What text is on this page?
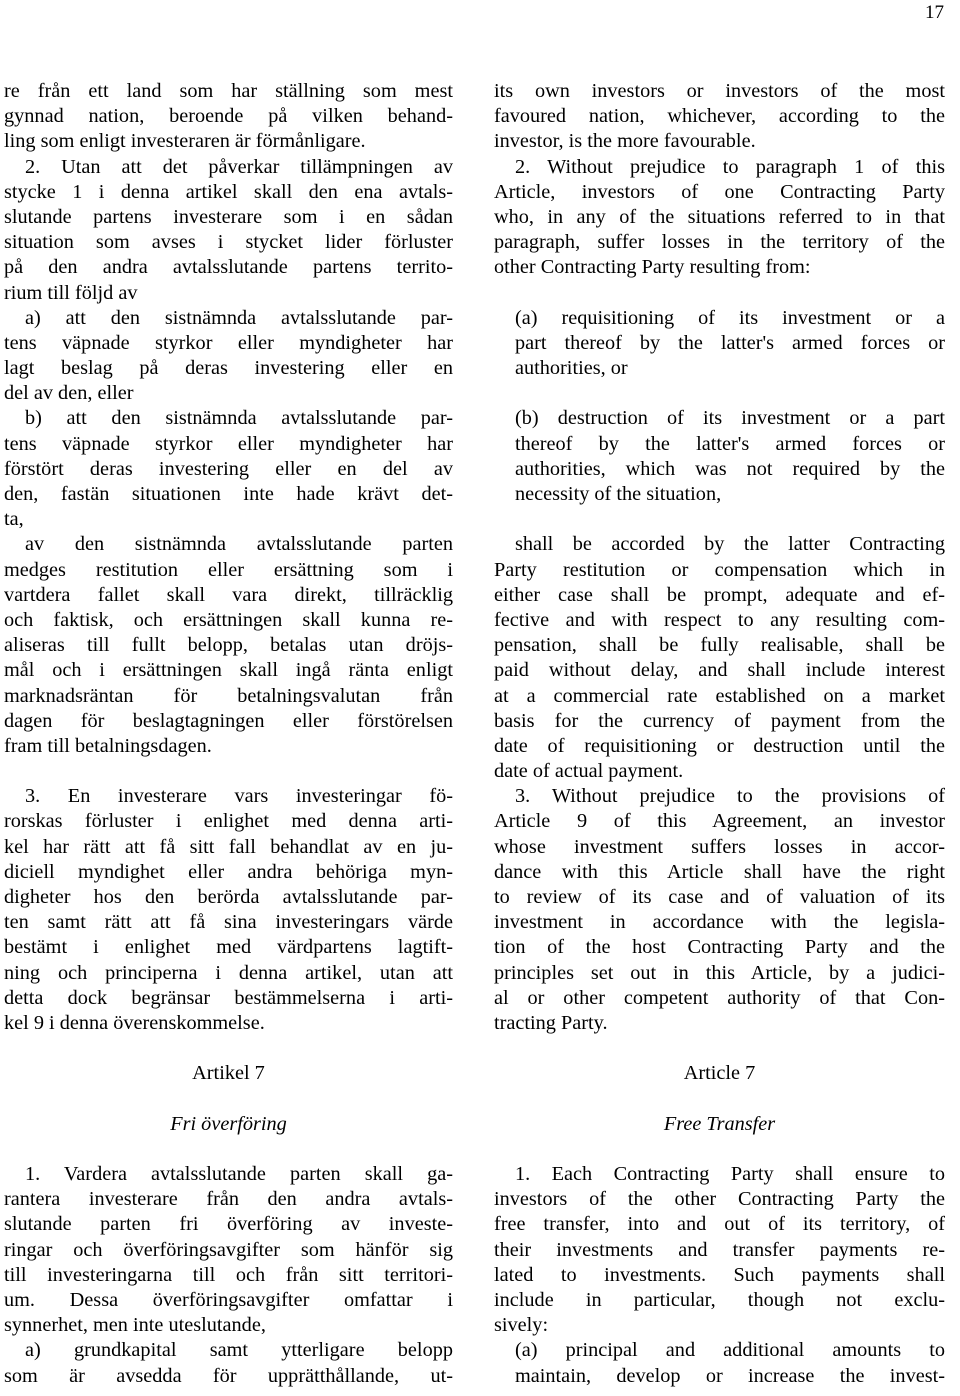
17
re från ett land som har ställning som mest
gynnad nation, beroende på vilken behand-
ling som enligt investeraren är förmånligare.
2. Utan att det påverkar tillämpningen av
stycke 1 i denna artikel skall den ena avtals-
slutande partens investerare som i en sådan
situation som avses i stycket lider förluster
på den andra avtalsslutande partens territo-
rium till följd av
a) att den sistnämnda avtalsslutande par-
tens väpnade styrkor eller myndigheter har
lagt beslag på deras investering eller en
del av den, eller
b) att den sistnämnda avtalsslutande par-
tens väpnade styrkor eller myndigheter har
förstört deras investering eller en del av
den, fastän situationen inte hade krävt det-
ta,
av den sistnämnda avtalsslutande parten
medges restitution eller ersättning som i
vartdera fallet skall vara direkt, tillräcklig
och faktisk, och ersättningen skall kunna re-
aliseras till fullt belopp, betalas utan dröjs-
mål och i ersättningen skall ingå ränta enligt
marknadsräntan för betalningsvalutan från
dagen för beslagtagningen eller förstörelsen
fram till betalningsdagen.
3. En investerare vars investeringar fö-
rorskas förluster i enlighet med denna arti-
kel har rätt att få sitt fall behandlat av en ju-
diciell myndighet eller andra behöriga myn-
digheter hos den berörda avtalsslutande par-
ten samt rätt att få sina investeringars värde
bestämt i enlighet med värdpartens lagtift-
ning och principerna i denna artikel, utan att
detta dock begränsar bestämmelserna i arti-
kel 9 i denna överenskommelse.
Artikel 7
Fri överföring
1. Vardera avtalsslutande parten skall ga-
rantera investerare från den andra avtals-
slutande parten fri överföring av investe-
ringar och överföringsavgifter som hänför sig
till investeringarna till och från sitt territori-
um. Dessa överföringsavgifter omfattar i
synnerhet, men inte uteslutande,
a) grundkapital samt ytterligare belopp
som är avsedda för upprätthållande, ut-
its own investors or investors of the most
favoured nation, whichever, according to the
investor, is the more favourable.
2. Without prejudice to paragraph 1 of this
Article, investors of one Contracting Party
who, in any of the situations referred to in that
paragraph, suffer losses in the territory of the
other Contracting Party resulting from:
(a) requisitioning of its investment or a
part thereof by the latter's armed forces or
authorities, or
(b) destruction of its investment or a part
thereof by the latter's armed forces or
authorities, which was not required by the
necessity of the situation,
shall be accorded by the latter Contracting
Party restitution or compensation which in
either case shall be prompt, adequate and ef-
fective and with respect to any resulting com-
pensation, shall be fully realisable, shall be
paid without delay, and shall include interest
at a commercial rate established on a market
basis for the currency of payment from the
date of requisitioning or destruction until the
date of actual payment.
3. Without prejudice to the provisions of
Article 9 of this Agreement, an investor
whose investment suffers losses in accor-
dance with this Article shall have the right
to review of its case and of valuation of its
investment in accordance with the legisla-
tion of the host Contracting Party and the
principles set out in this Article, by a judici-
al or other competent authority of that Con-
tracting Party.
Article 7
Free Transfer
1. Each Contracting Party shall ensure to
investors of the other Contracting Party the
free transfer, into and out of its territory, of
their investments and transfer payments re-
lated to investments. Such payments shall
include in particular, though not exclu-
sively:
(a) principal and additional amounts to
maintain, develop or increase the invest-
